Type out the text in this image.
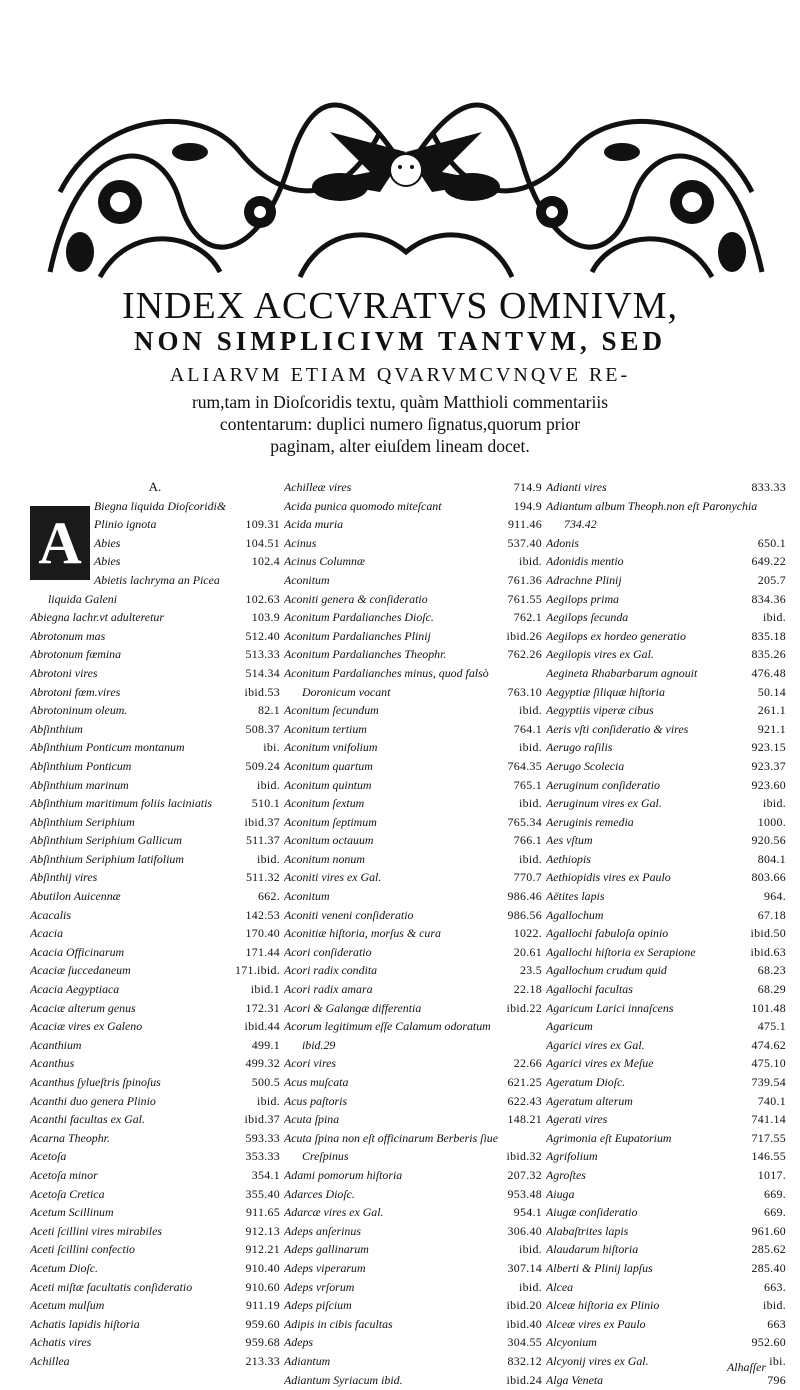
INDEX ACCVRATVS OMNIVM,
NON SIMPLICIVM TANTVM, SED
ALIARVM ETIAM QVARVMCVNQVE RE-
rum,tam in Dioſcoridis textu, quàm Matthioli commentariis
contentarum: duplici numero ſignatus,quorum prior
paginam, alter eiuſdem lineam docet.
A.
Biegna liquida Dioſcoridi&
Plinio ignota	109.31
Abies	104.51
Abies	102.4
Abietis lachryma an Picea
liquida Galeni	102.63
Abiegna lachr.vt adulteretur	103.9
Abrotonum mas	512.40
Abrotonum fœmina	513.33
Abrotoni vires	514.34
Abrotoni fœm.vires	ibid.53
Abrotoninum oleum.	82.1
Abſinthium	508.37
Abſinthium Ponticum montanum	ibi.
Abſinthium Ponticum	509.24
Abſinthium marinum	ibid.
Abſinthium maritimum foliis laciniatis	510.1
Abſinthium Seriphium	ibid.37
Abſinthium Seriphium Gallicum	511.37
Abſinthium Seriphium latifolium	ibid.
Abſinthij vires	511.32
Abutilon Auicennæ	662.
Acacalis	142.53
Acacia	170.40
Acacia Officinarum	171.44
Acaciæ ſuccedaneum	171.ibid.
Acacia Aegyptiaca	ibid.1
Acaciæ alterum genus	172.31
Acaciæ vires ex Galeno	ibid.44
Acanthium	499.1
Acanthus	499.32
Acanthus ſylueſtris ſpinoſus	500.5
Acanthi duo genera Plinio	ibid.
Acanthi facultas ex Gal.	ibid.37
Acarna Theophr.	593.33
Acetoſa	353.33
Acetoſa minor	354.1
Acetoſa Cretica	355.40
Acetum Scillinum	911.65
Aceti ſcillini vires mirabiles	912.13
Aceti ſcillini confectio	912.21
Acetum Dioſc.	910.40
Aceti miſtæ facultatis conſideratio	910.60
Acetum mulſum	911.19
Achatis lapidis hiſtoria	959.60
Achatis vires	959.68
Achillea	213.33
Achilleæ vires	714.9
Acida punica quomodo miteſcant	194.9
Acida muria	911.46
Acinus	537.40
Acinus Columnæ	ibid.
Aconitum	761.36
Aconiti genera & conſideratio	761.55
Aconitum Pardalianches Dioſc.	762.1
Aconitum Pardalianches Plinij	ibid.26
Aconitum Pardalianches Theophr.	762.26
Aconitum Pardalianches minus, quod falsò
Doronicum vocant	763.10
Aconitum ſecundum	ibid.
Aconitum tertium	764.1
Aconitum vnifolium	ibid.
Aconitum quartum	764.35
Aconitum quintum	765.1
Aconitum ſextum	ibid.
Aconitum ſeptimum	765.34
Aconitum octauum	766.1
Aconitum nonum	ibid.
Aconiti vires ex Gal.	770.7
Aconitum	986.46
Aconiti veneni conſideratio	986.56
Aconitiæ hiſtoria, morſus & cura	1022.
Acori conſideratio	20.61
Acori radix condita	23.5
Acori radix amara	22.18
Acori & Galangæ differentia	ibid.22
Acorum legitimum eſſe Calamum odoratum
ibid.29
Acori vires	22.66
Acus muſcata	621.25
Acus paſtoris	622.43
Acuta ſpina	148.21
Acuta ſpina non eſt officinarum Berberis ſiue
Creſpinus	ibid.32
Adami pomorum hiſtoria	207.32
Adarces Dioſc.	953.48
Adarcæ vires ex Gal.	954.1
Adeps anſerinus	306.40
Adeps gallinarum	ibid.
Adeps viperarum	307.14
Adeps vrſorum	ibid.
Adeps piſcium	ibid.20
Adipis in cibis facultas	ibid.40
Adeps	304.55
Adiantum	832.12
Adiantum Syriacum ibid.	ibid.24
Adianti vires	833.33
Adiantum album Theoph.non eſt Paronychia
734.42
Adonis	650.1
Adonidis mentio	649.22
Adrachne Plinij	205.7
Aegilops prima	834.36
Aegilops ſecunda	ibid.
Aegilops ex hordeo generatio	835.18
Aegilopis vires ex Gal.	835.26
Aegineta Rhabarbarum agnouit	476.48
Aegyptiæ ſiliquæ hiſtoria	50.14
Aegyptiis viperæ cibus	261.1
Aeris vſti conſideratio & vires	921.1
Aerugo raſilis	923.15
Aerugo Scolecia	923.37
Aeruginum conſideratio	923.60
Aeruginum vires ex Gal.	ibid.
Aeruginis remedia	1000.
Aes vſtum	920.56
Aethiopis	804.1
Aethiopidis vires ex Paulo	803.66
Aëtites lapis	964.
Agallochum	67.18
Agallochi fabuloſa opinio	ibid.50
Agallochi hiſtoria ex Serapione	ibid.63
Agallochum crudum quid	68.23
Agallochi facultas	68.29
Agaricum Larici innaſcens	101.48
Agaricum	475.1
Agarici vires ex Gal.	474.62
Agarici vires ex Meſue	475.10
Ageratum Dioſc.	739.54
Ageratum alterum	740.1
Agerati vires	741.14
Agrimonia eſt Eupatorium	717.55
Agrifolium	146.55
Agroſtes	1017.
Aiuga	669.
Aiugæ conſideratio	669.
Alabaſtrites lapis	961.60
Alaudarum hiſtoria	285.62
Alberti & Plinij lapſus	285.40
Alcea	663.
Alceæ hiſtoria ex Plinio	ibid.
Alceæ vires ex Paulo	663
Alcyonium	952.60
Alcyonij vires ex Gal.	ibi.
Alga Veneta	796
A
Alhaſſer
